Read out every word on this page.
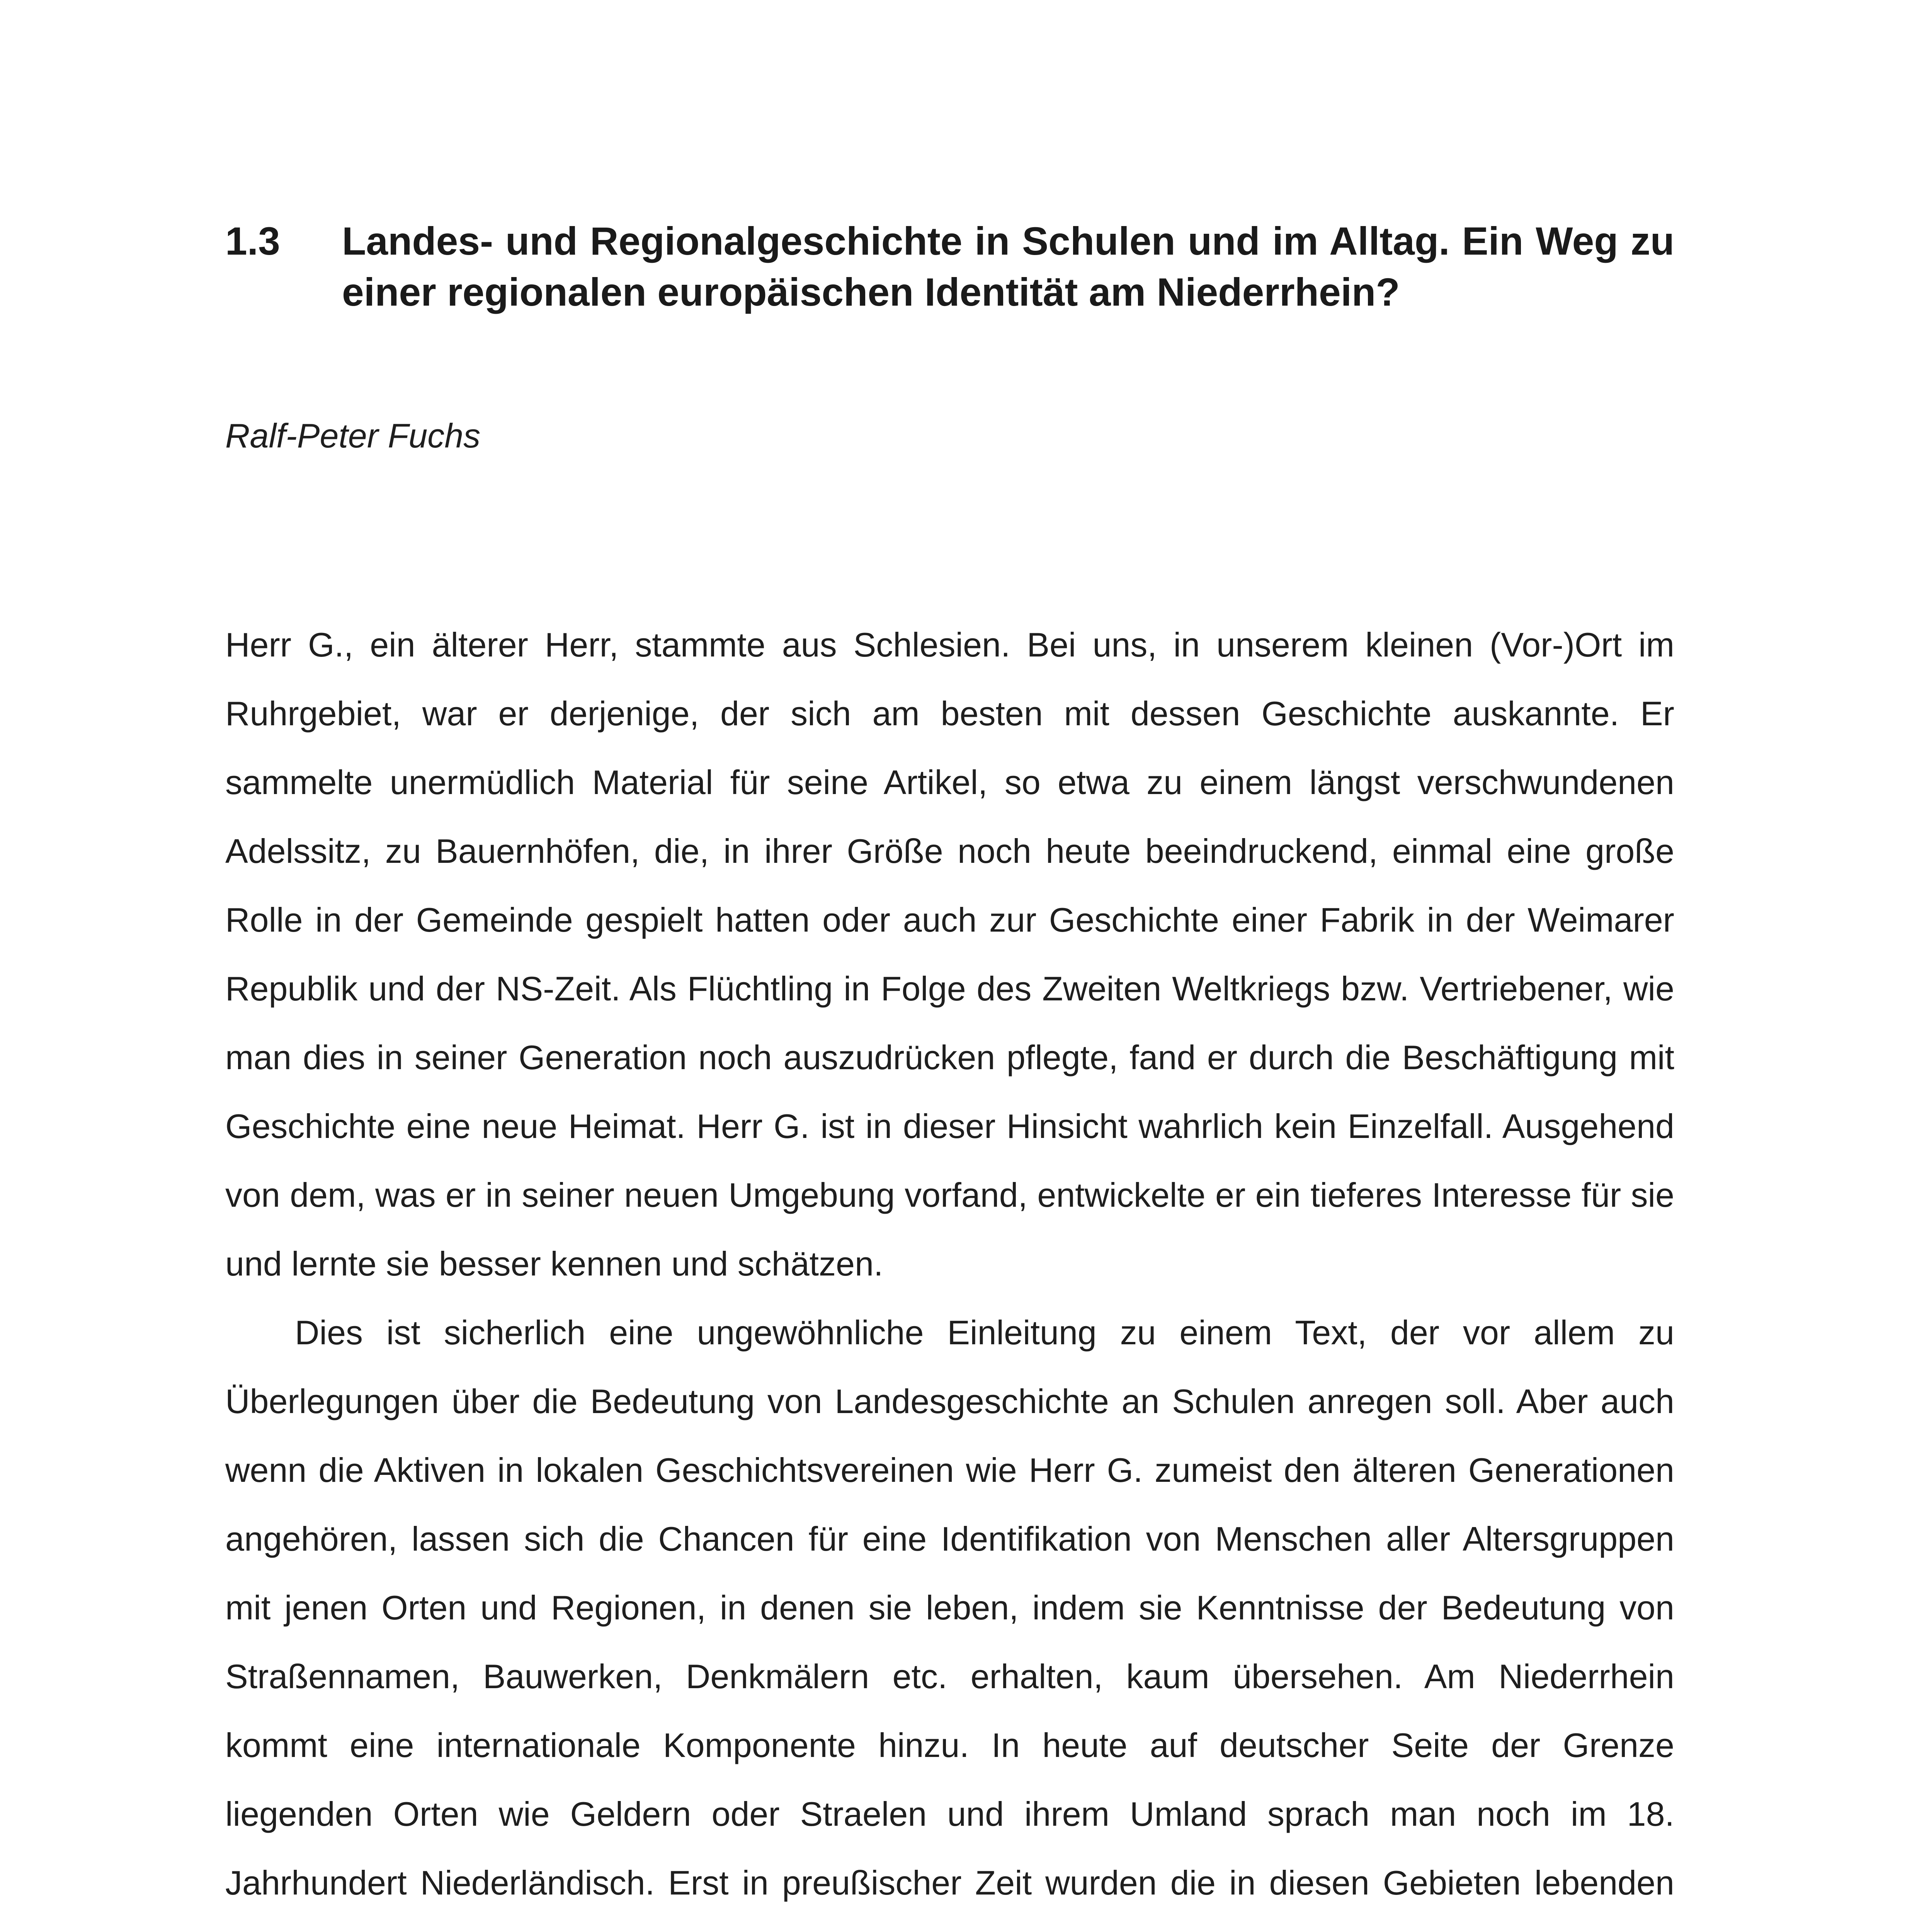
1.3 Landes- und Regionalgeschichte in Schulen und im Alltag. Ein Weg zu einer regionalen europäischen Identität am Niederrhein?
Ralf-Peter Fuchs

Herr G., ein älterer Herr, stammte aus Schlesien. Bei uns, in unserem kleinen (Vor-)Ort im Ruhrgebiet, war er derjenige, der sich am besten mit dessen Geschichte auskannte. Er sammelte unermüdlich Material für seine Artikel, so etwa zu einem längst verschwundenen Adelssitz, zu Bauernhöfen, die, in ihrer Größe noch heute beeindruckend, einmal eine große Rolle in der Gemeinde gespielt hatten oder auch zur Geschichte einer Fabrik in der Weimarer Republik und der NS-Zeit. Als Flüchtling in Folge des Zweiten Weltkriegs bzw. Vertriebener, wie man dies in seiner Generation noch auszudrücken pflegte, fand er durch die Beschäftigung mit Geschichte eine neue Heimat. Herr G. ist in dieser Hinsicht wahrlich kein Einzelfall. Ausgehend von dem, was er in seiner neuen Umgebung vorfand, entwickelte er ein tieferes Interesse für sie und lernte sie besser kennen und schätzen.

Dies ist sicherlich eine ungewöhnliche Einleitung zu einem Text, der vor allem zu Überlegungen über die Bedeutung von Landesgeschichte an Schulen anregen soll. Aber auch wenn die Aktiven in lokalen Geschichtsvereinen wie Herr G. zumeist den älteren Generationen angehören, lassen sich die Chancen für eine Identifikation von Menschen aller Altersgruppen mit jenen Orten und Regionen, in denen sie leben, indem sie Kenntnisse der Bedeutung von Straßennamen, Bauwerken, Denkmälern etc. erhalten, kaum übersehen. Am Niederrhein kommt eine internationale Komponente hinzu. In heute auf deutscher Seite der Grenze liegenden Orten wie Geldern oder Straelen und ihrem Umland sprach man noch im 18. Jahrhundert Niederländisch. Erst in preußischer Zeit wurden die in diesen Gebieten lebenden
